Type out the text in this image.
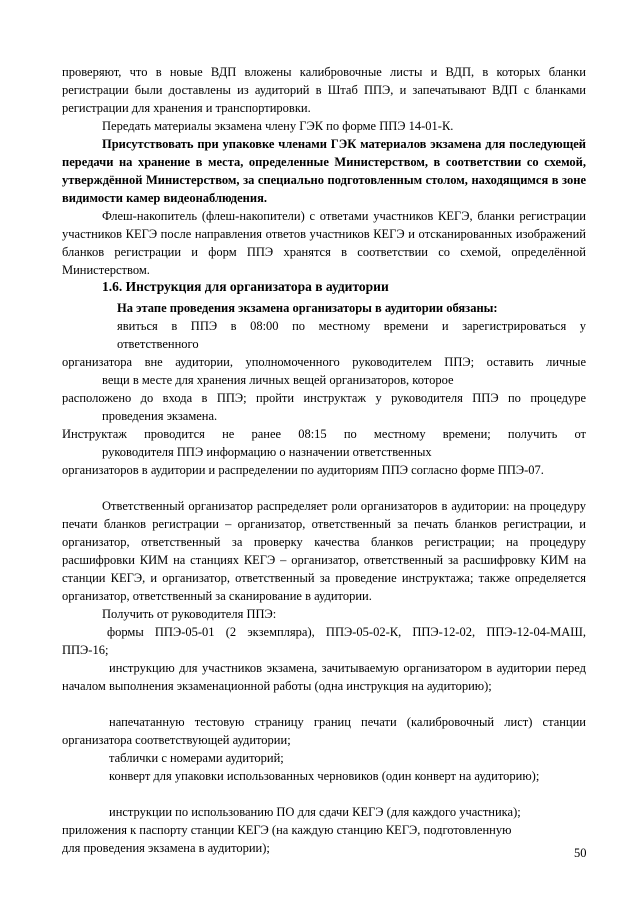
проверяют, что в новые ВДП вложены калибровочные листы и ВДП, в которых бланки регистрации были доставлены из аудиторий в Штаб ППЭ, и запечатывают ВДП с бланками регистрации для хранения и транспортировки.

Передать материалы экзамена члену ГЭК по форме ППЭ 14-01-К.

Присутствовать при упаковке членами ГЭК материалов экзамена для последующей передачи на хранение в места, определенные Министерством, в соответствии со схемой, утверждённой Министерством, за специально подготовленным столом, находящимся в зоне видимости камер видеонаблюдения.

Флеш-накопитель (флеш-накопители) с ответами участников КЕГЭ, бланки регистрации участников КЕГЭ после направления ответов участников КЕГЭ и отсканированных изображений бланков регистрации и форм ППЭ хранятся в соответствии со схемой, определённой Министерством.

1.6. Инструкция для организатора в аудитории

На этапе проведения экзамена организаторы в аудитории обязаны:

явиться в ППЭ в 08:00 по местному времени и зарегистрироваться у

ответственного

организатора вне аудитории, уполномоченного руководителем ППЭ; оставить личные

вещи в месте для хранения личных вещей организаторов, которое

расположено до входа в ППЭ; пройти инструктаж у руководителя ППЭ по процедуре

проведения экзамена.

Инструктаж проводится не ранее 08:15 по местному времени; получить от

руководителя ППЭ информацию о назначении ответственных

организаторов в аудитории и распределении по аудиториям ППЭ согласно форме ППЭ-07.

Ответственный организатор распределяет роли организаторов в аудитории: на процедуру печати бланков регистрации – организатор, ответственный за печать бланков регистрации, и организатор, ответственный за проверку качества бланков регистрации; на процедуру расшифровки КИМ на станциях КЕГЭ – организатор, ответственный за расшифровку КИМ на станции КЕГЭ, и организатор, ответственный за проведение инструктажа; также определяется организатор, ответственный за сканирование в аудитории.

Получить от руководителя ППЭ:

формы ППЭ-05-01 (2 экземпляра), ППЭ-05-02-К, ППЭ-12-02, ППЭ-12-04-МАШ, ППЭ-16;

инструкцию для участников экзамена, зачитываемую организатором в аудитории перед началом выполнения экзаменационной работы (одна инструкция на аудиторию);

напечатанную тестовую страницу границ печати (калибровочный лист) станции организатора соответствующей аудитории;

таблички с номерами аудиторий;

конверт для упаковки использованных черновиков (один конверт на аудиторию);

инструкции по использованию ПО для сдачи КЕГЭ (для каждого участника);

приложения к паспорту станции КЕГЭ (на каждую станцию КЕГЭ, подготовленную

для проведения экзамена в аудитории);	50
